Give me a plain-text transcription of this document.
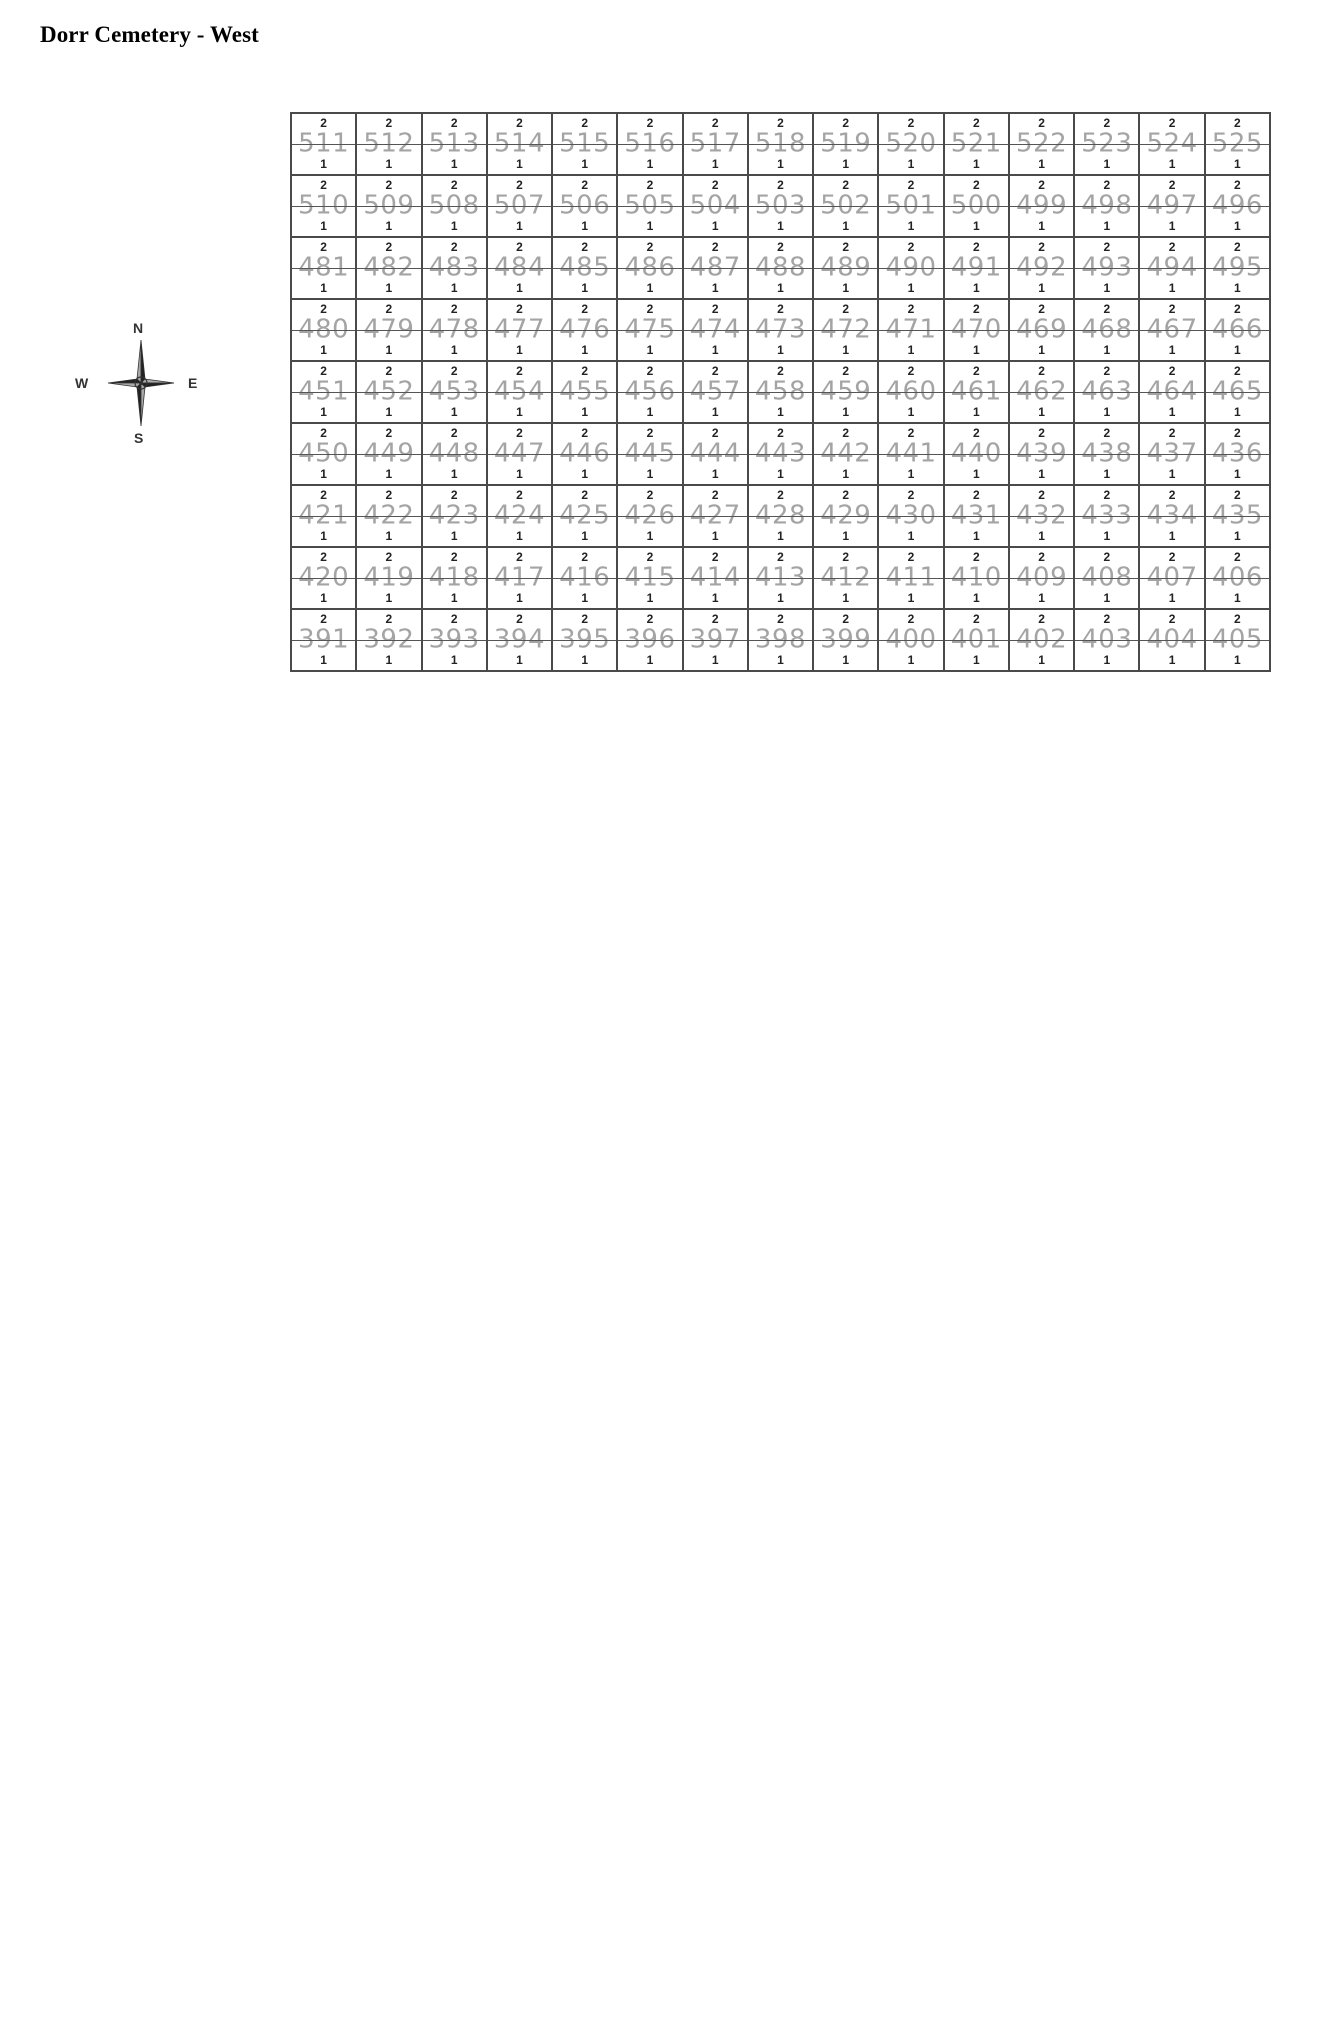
Dorr Cemetery - West
N
S
W	E
511
2
1
512
2
1
513
2
1
514
2
1
515
2
1
516
2
1
517
2
1
518
2
1
519
2
1
520
2
1
521
2
1
522
2
1
523
2
1
524
2
1
525
2
1
510
2
1
509
2
1
508
2
1
507
2
1
506
2
1
505
2
1
504
2
1
503
2
1
502
2
1
501
2
1
500
2
1
499
2
1
498
2
1
497
2
1
496
2
1
481
2
1
482
2
1
483
2
1
484
2
1
485
2
1
486
2
1
487
2
1
488
2
1
489
2
1
490
2
1
491
2
1
492
2
1
493
2
1
494
2
1
495
2
1
480
2
1
479
2
1
478
2
1
477
2
1
476
2
1
475
2
1
474
2
1
473
2
1
472
2
1
471
2
1
470
2
1
469
2
1
468
2
1
467
2
1
466
2
1
451
2
1
452
2
1
453
2
1
454
2
1
455
2
1
456
2
1
457
2
1
458
2
1
459
2
1
460
2
1
461
2
1
462
2
1
463
2
1
464
2
1
465
2
1
450
2
1
449
2
1
448
2
1
447
2
1
446
2
1
445
2
1
444
2
1
443
2
1
442
2
1
441
2
1
440
2
1
439
2
1
438
2
1
437
2
1
436
2
1
421
2
1
422
2
1
423
2
1
424
2
1
425
2
1
426
2
1
427
2
1
428
2
1
429
2
1
430
2
1
431
2
1
432
2
1
433
2
1
434
2
1
435
2
1
420
2
1
419
2
1
418
2
1
417
2
1
416
2
1
415
2
1
414
2
1
413
2
1
412
2
1
411
2
1
410
2
1
409
2
1
408
2
1
407
2
1
406
2
1
391
2
1
392
2
1
393
2
1
394
2
1
395
2
1
396
2
1
397
2
1
398
2
1
399
2
1
400
2
1
401
2
1
402
2
1
403
2
1
404
2
1
405
2
1
